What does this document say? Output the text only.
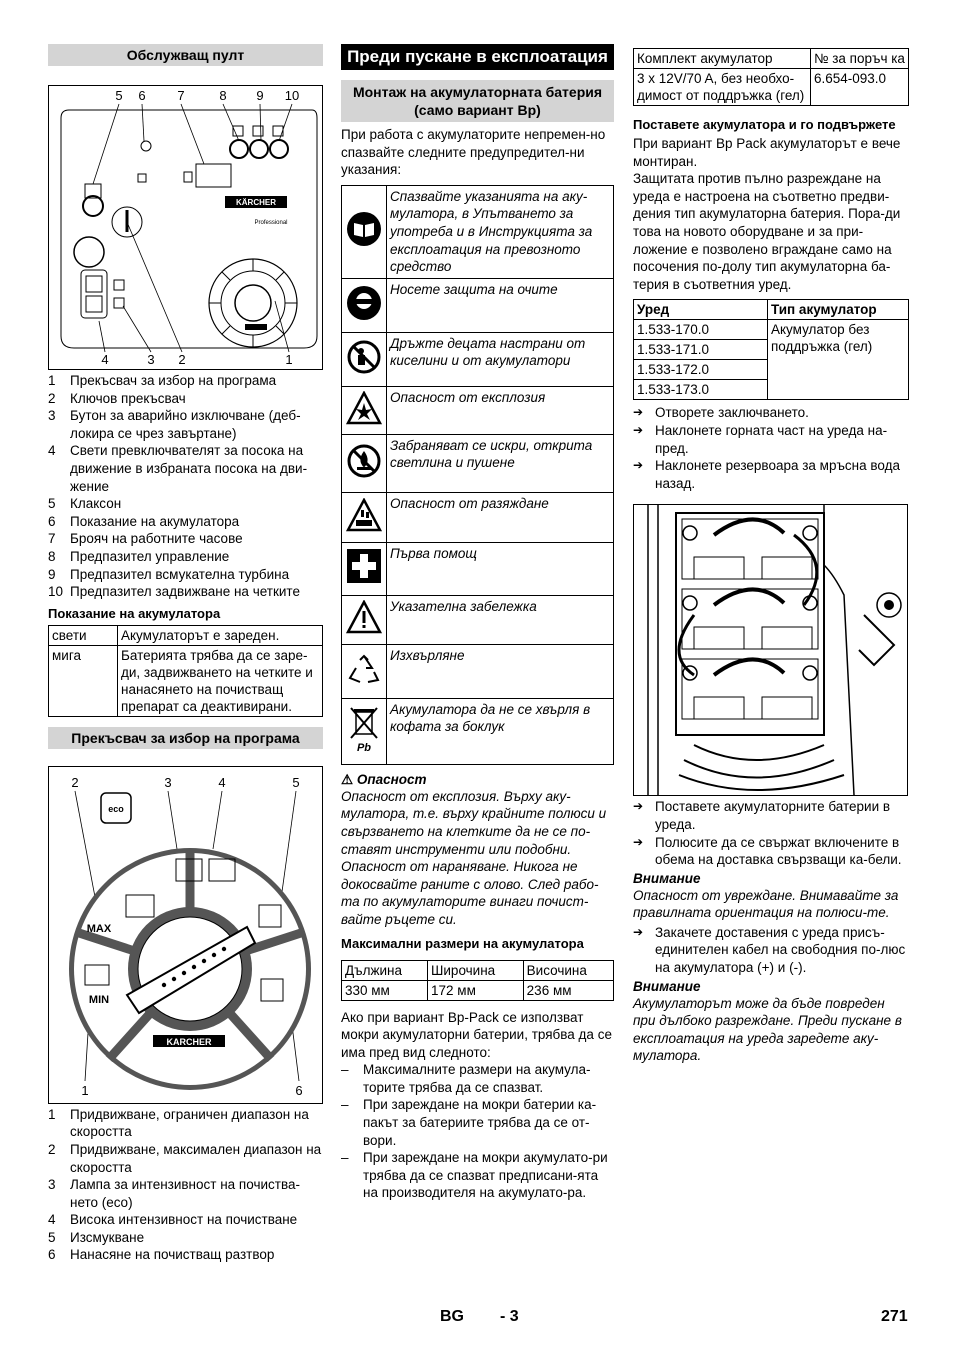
Обслужващ пулт
5 6 7	8 9 10
4	3 2	1
KÄRCHER
Professional
1	Прекъсвач за избор на програма
2	Ключов прекъсвач
3	Бутон за аварийно изключване (деб-локира се чрез завъртане)
4	Свети превключвателят за посока на движение в избраната посока на дви-жение
5	Клаксон
6	Показание на акумулатора
7	Брояч на работните часове
8	Предпазител управление
9	Предпазител всмукателна турбина
10 Предпазител задвижване на четките
Показание на акумулатора
свети	Акумулаторът е зареден.
мига	Батерията трябва да се заре-ди, задвижването на четките и нанасянето на почистващ препарат са деактивирани.
Прекъсвач за избор на програма
2	3	4	5
1	6
eco
MAX
MIN
KARCHER
1	Придвижване, ограничен диапазон на скоростта
2	Придвижване, максимален диапазон на скоростта
3	Лампа за интензивност на почиства-нето (eco)
4	Висока интензивност на почистване
5	Изсмукване
6	Нанасяне на почистващ разтвор
Преди пускане в експлоатация
Монтаж на акумулаторната батерия (само вариант Bp)
При работа с акумулаторите непремен-но спазвайте следните предупредител-ни указания:
	Спазвайте указанията на аку-мулатора, в Упътването за употреба и в Инструкцията за експлоатация на превозното средство
	Носете защита на очите
	Дръжте децата настрани от киселини и от акумулатори
	Опасност от експлозия
	Забраняват се искри, открита светлина и пушене
	Опасност от разяждане
	Първа помощ
	Указателна забележка
	Изхвърляне

Pb	Акумулатора да не се хвърля в кофата за боклук
⚠ Опасност
Опасност от експлозия. Върху аку-мулатора, т.е. върху крайните полюси и свързването на клетките да не се по-ставят инструменти или подобни. Опасност от нараняване. Никога не докосвайте раните с олово. След рабо-та по акумулаторите винаги почист-вайте ръцете си.
Максимални размери на акумулатора
Дължина	Широчина	Височина
330 мм	172 мм	236 мм
Ако при вариант Bp-Pack се използват мокри акумулаторни батерии, трябва да се има пред вид следното:
–	Максималните размери на акумула-торите трябва да се спазват.
–	При зареждане на мокри батерии ка-пакът за батериите трябва да се от-вори.
–	При зареждане на мокри акумулато-ри трябва да се спазват предписани-ята на производителя на акумулато-ра.
Комплект акумулатор	№ за поръч ка
3 x 12V/70 A, без необхо-димост от поддръжка (гел)	6.654-093.0
Поставете акумулатора и го подвържете
При вариант Bp Pack акумулаторът е вече монтиран.
Защитата против пълно разреждане на уреда е настроена на съответно предви-дения тип акумулаторна батерия. Пора-ди това на новото оборудване и за при-ложение е позволено вграждане само на посочения по-долу тип акумулаторна ба-терия в съответния уред.
Уред	Тип акумулатор
1.533-170.0	Акумулатор без поддръжка (гел)
1.533-171.0	
1.533-172.0	
1.533-173.0	
➔ Отворете заключването.
➔ Наклонете горната част на уреда на-пред.
➔ Наклонете резервоара за мръсна вода назад.
➔ Поставете акумулаторните батерии в уреда.
➔ Полюсите да се свържат включените в обема на доставка свързващи ка-бели.
Внимание
Опасност от увреждане. Внимавайте за правилната ориентация на полюси-те.
➔ Закачете доставения с уреда присъ-единителен кабел на свободния по-люс на акумулатора (+) и (-).
Внимание
Акумулаторът може да бъде повреден при дълбоко разреждане. Преди пускане в експлоатация на уреда заредете аку-мулатора.
BG - 3	271
